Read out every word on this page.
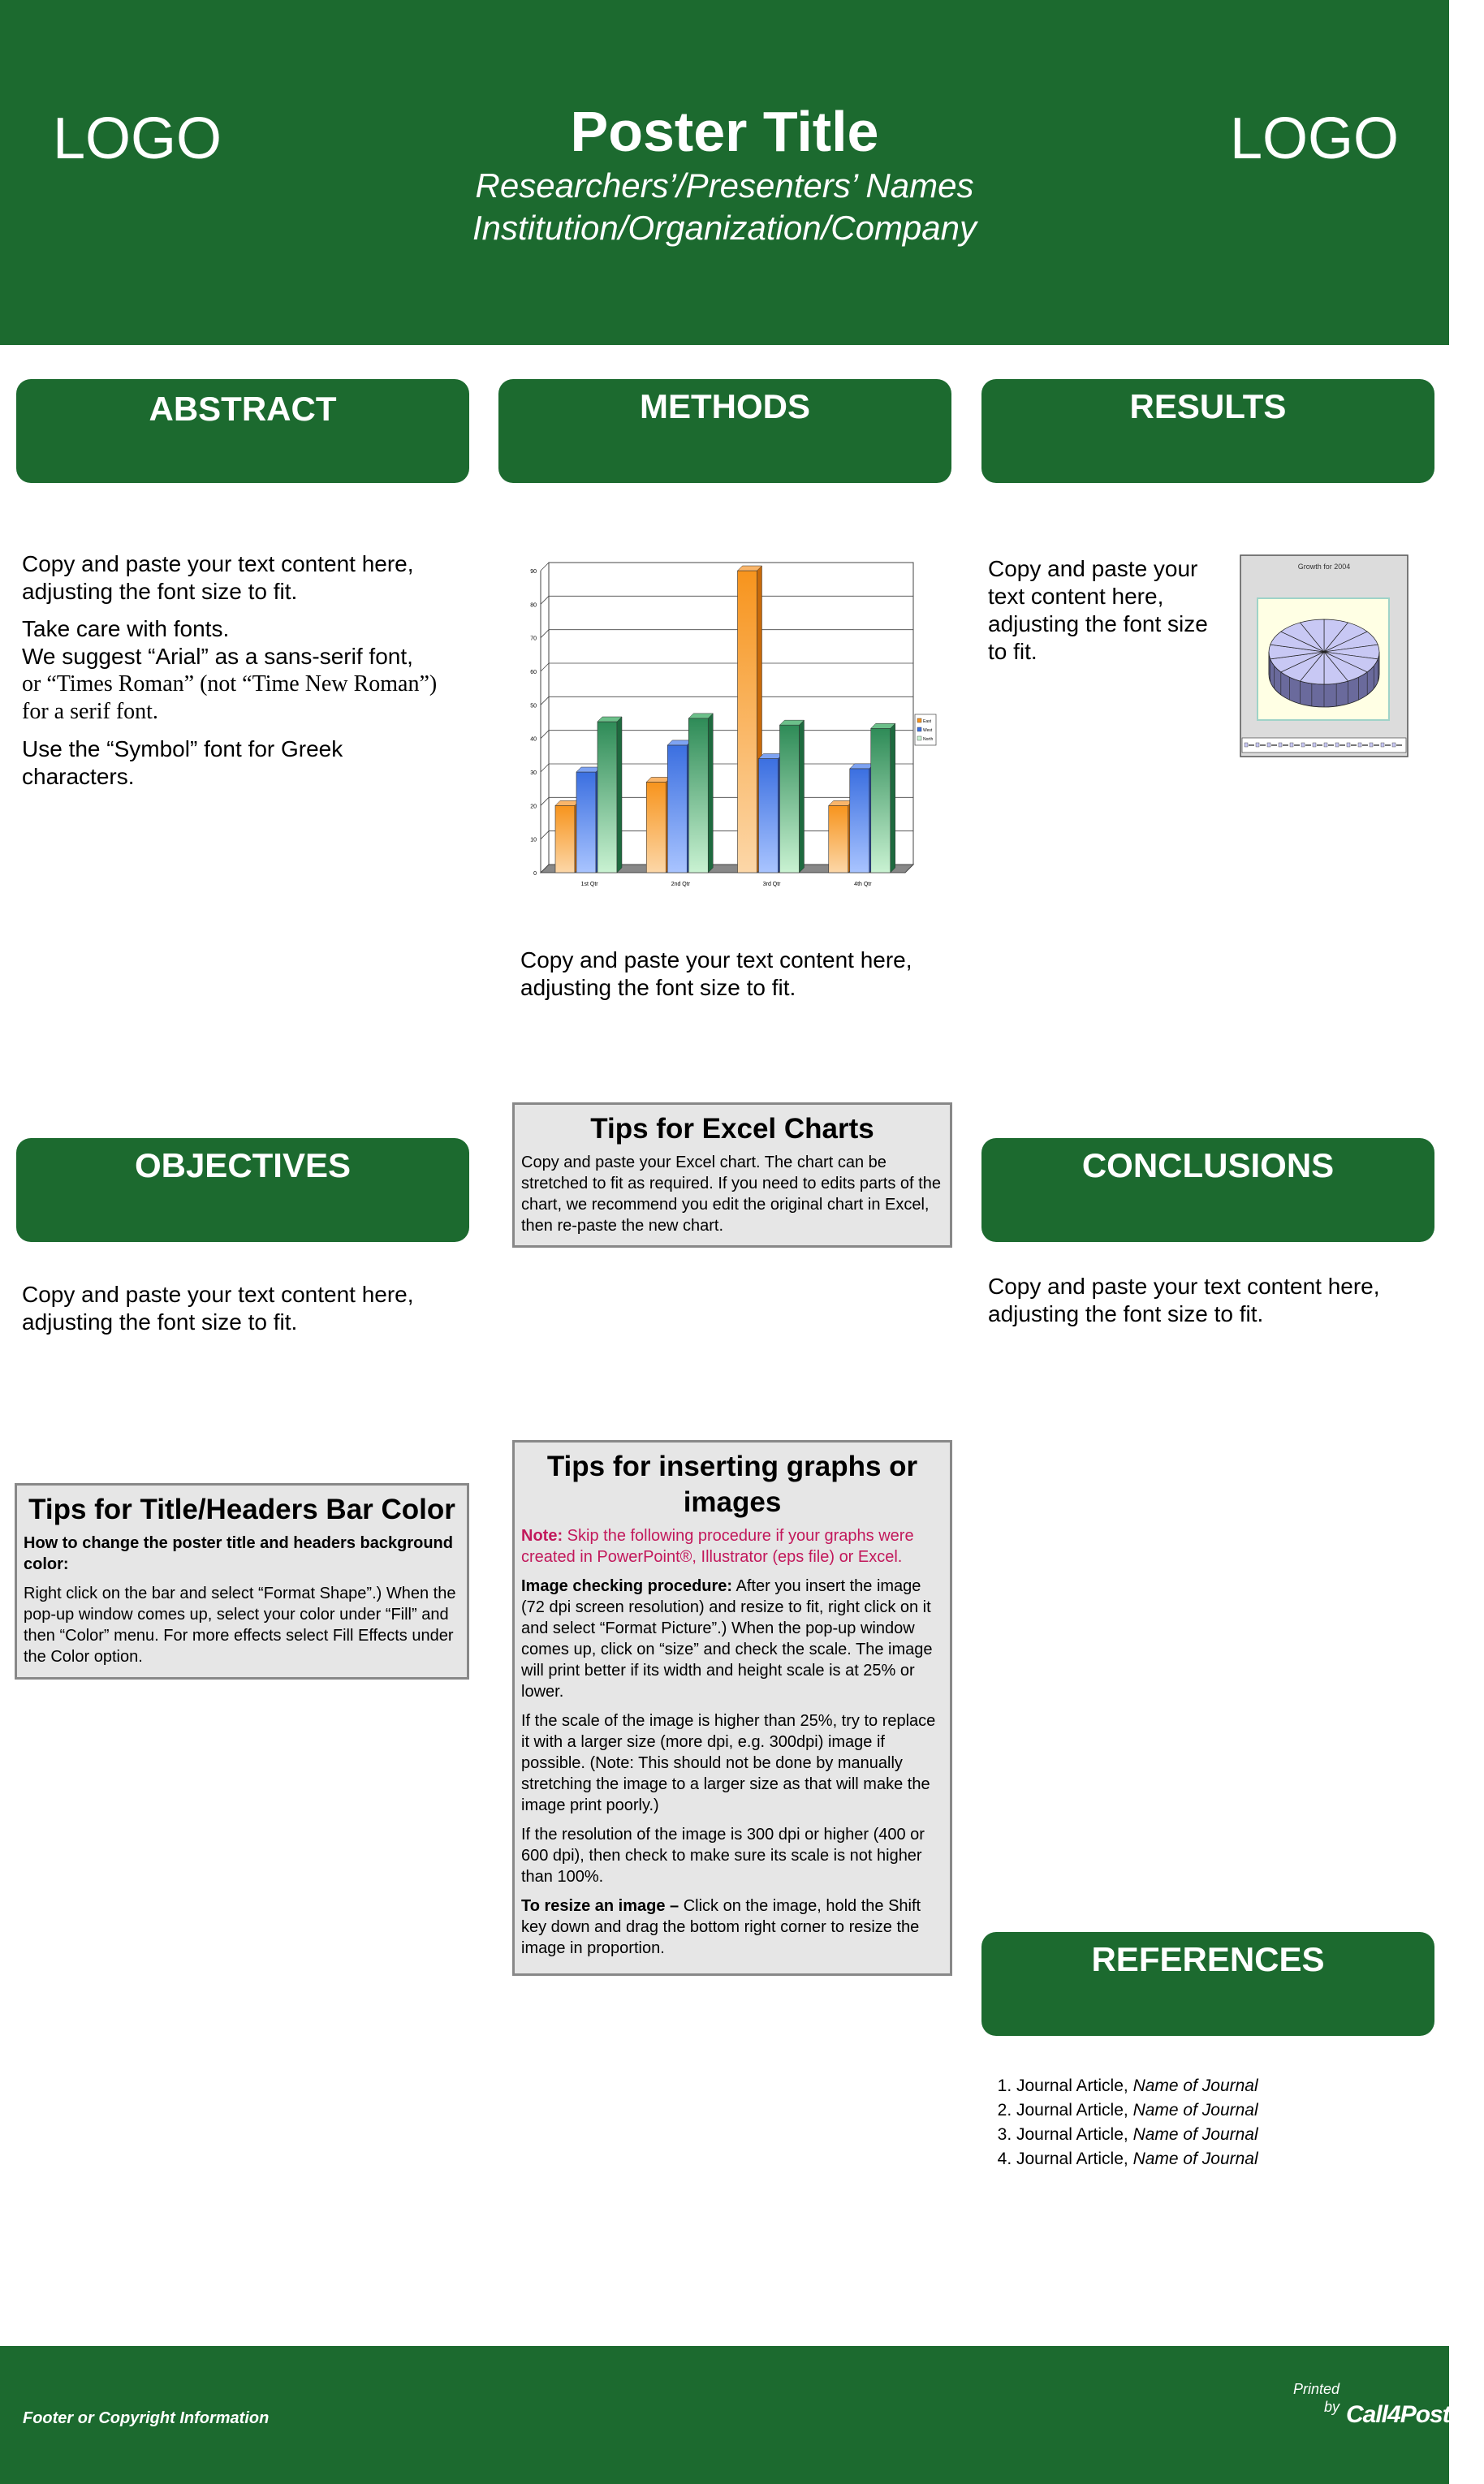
LOGO	Poster Title
Researchers’/Presenters’ Names
Institution/Organization/Company
LOGO
ABSTRACT	METHODS	RESULTS
OBJECTIVES	CONCLUSIONS
REFERENCES

Copy and paste your text content here, adjusting the font size to fit.

Take care with fonts.
We suggest “Arial” as a sans-serif font,
or “Times Roman” (not “Time New Roman”) for a serif font.

Use the “Symbol” font for Greek characters.

0
10
20
30
40
50
60
70
80
90
1st Qtr	2nd Qtr	3rd Qtr	4th Qtr
East
West
North
Copy and paste your text content here, adjusting the font size to fit.
Copy and paste your text content here, adjusting the font size to fit.
Growth for 2004
Tips for Excel Charts

Copy and paste your Excel chart. The chart can be stretched to fit as required. If you need to edits parts of the chart, we recommend you edit the original chart in Excel, then re-paste the new chart.

Copy and paste your text content here, adjusting the font size to fit.
Copy and paste your text content here, adjusting the font size to fit.
Tips for Title/Headers Bar Color

How to change the poster title and headers background color:

Right click on the bar and select “Format Shape”.) When the pop-up window comes up, select your color under “Fill” and then “Color” menu. For more effects select Fill Effects under the Color option.

Tips for inserting graphs or images

Note: Skip the following procedure if your graphs were created in PowerPoint®, Illustrator (eps file) or Excel.

Image checking procedure: After you insert the image (72 dpi screen resolution) and resize to fit, right click on it and select “Format Picture”.) When the pop-up window comes up, click on “size” and check the scale. The image will print better if its width and height scale is at 25% or lower.

If the scale of the image is higher than 25%, try to replace it with a larger size (more dpi, e.g. 300dpi) image if possible. (Note: This should not be done by manually stretching the image to a larger size as that will make the image print poorly.)

If the resolution of the image is 300 dpi or higher (400 or 600 dpi), then check to make sure its scale is not higher than 100%.

To resize an image – Click on the image, hold the Shift key down and drag the bottom right corner to resize the image in proportion.

1. Journal Article, Name of Journal
2. Journal Article, Name of Journal
3. Journal Article, Name of Journal
4. Journal Article, Name of Journal
Footer or Copyright Information
Printed
by Call4Posters
